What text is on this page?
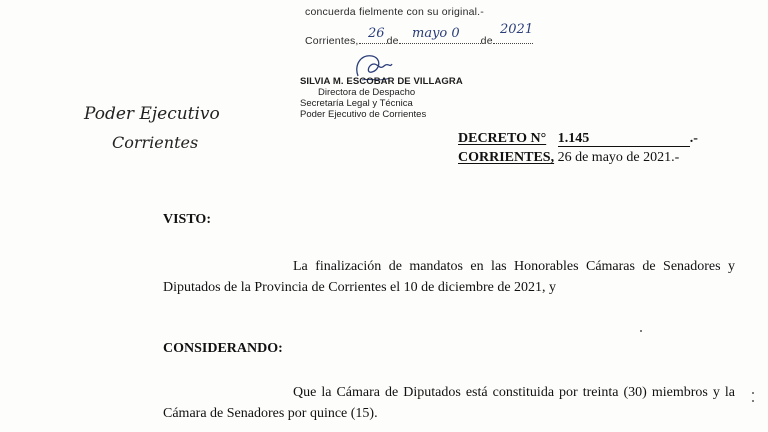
concuerda fielmente con su original.-
Corrientes,	de	de
26 mayo 0	2021
SILVIA M. ESCOBAR DE VILLAGRA
Directora de Despacho
Secretaría Legal y Técnica
Poder Ejecutivo de Corrientes
Poder Ejecutivo
Corrientes	DECRETO N° 1.145	.-
CORRIENTES, 26 de mayo de 2021.-
VISTO:
La finalización de mandatos en las Honorables Cámaras de Senadores y Diputados de la Provincia de Corrientes el 10 de diciembre de 2021, y
CONSIDERANDO:
Que la Cámara de Diputados está constituida por treinta (30) miembros y la Cámara de Senadores por quince (15).
